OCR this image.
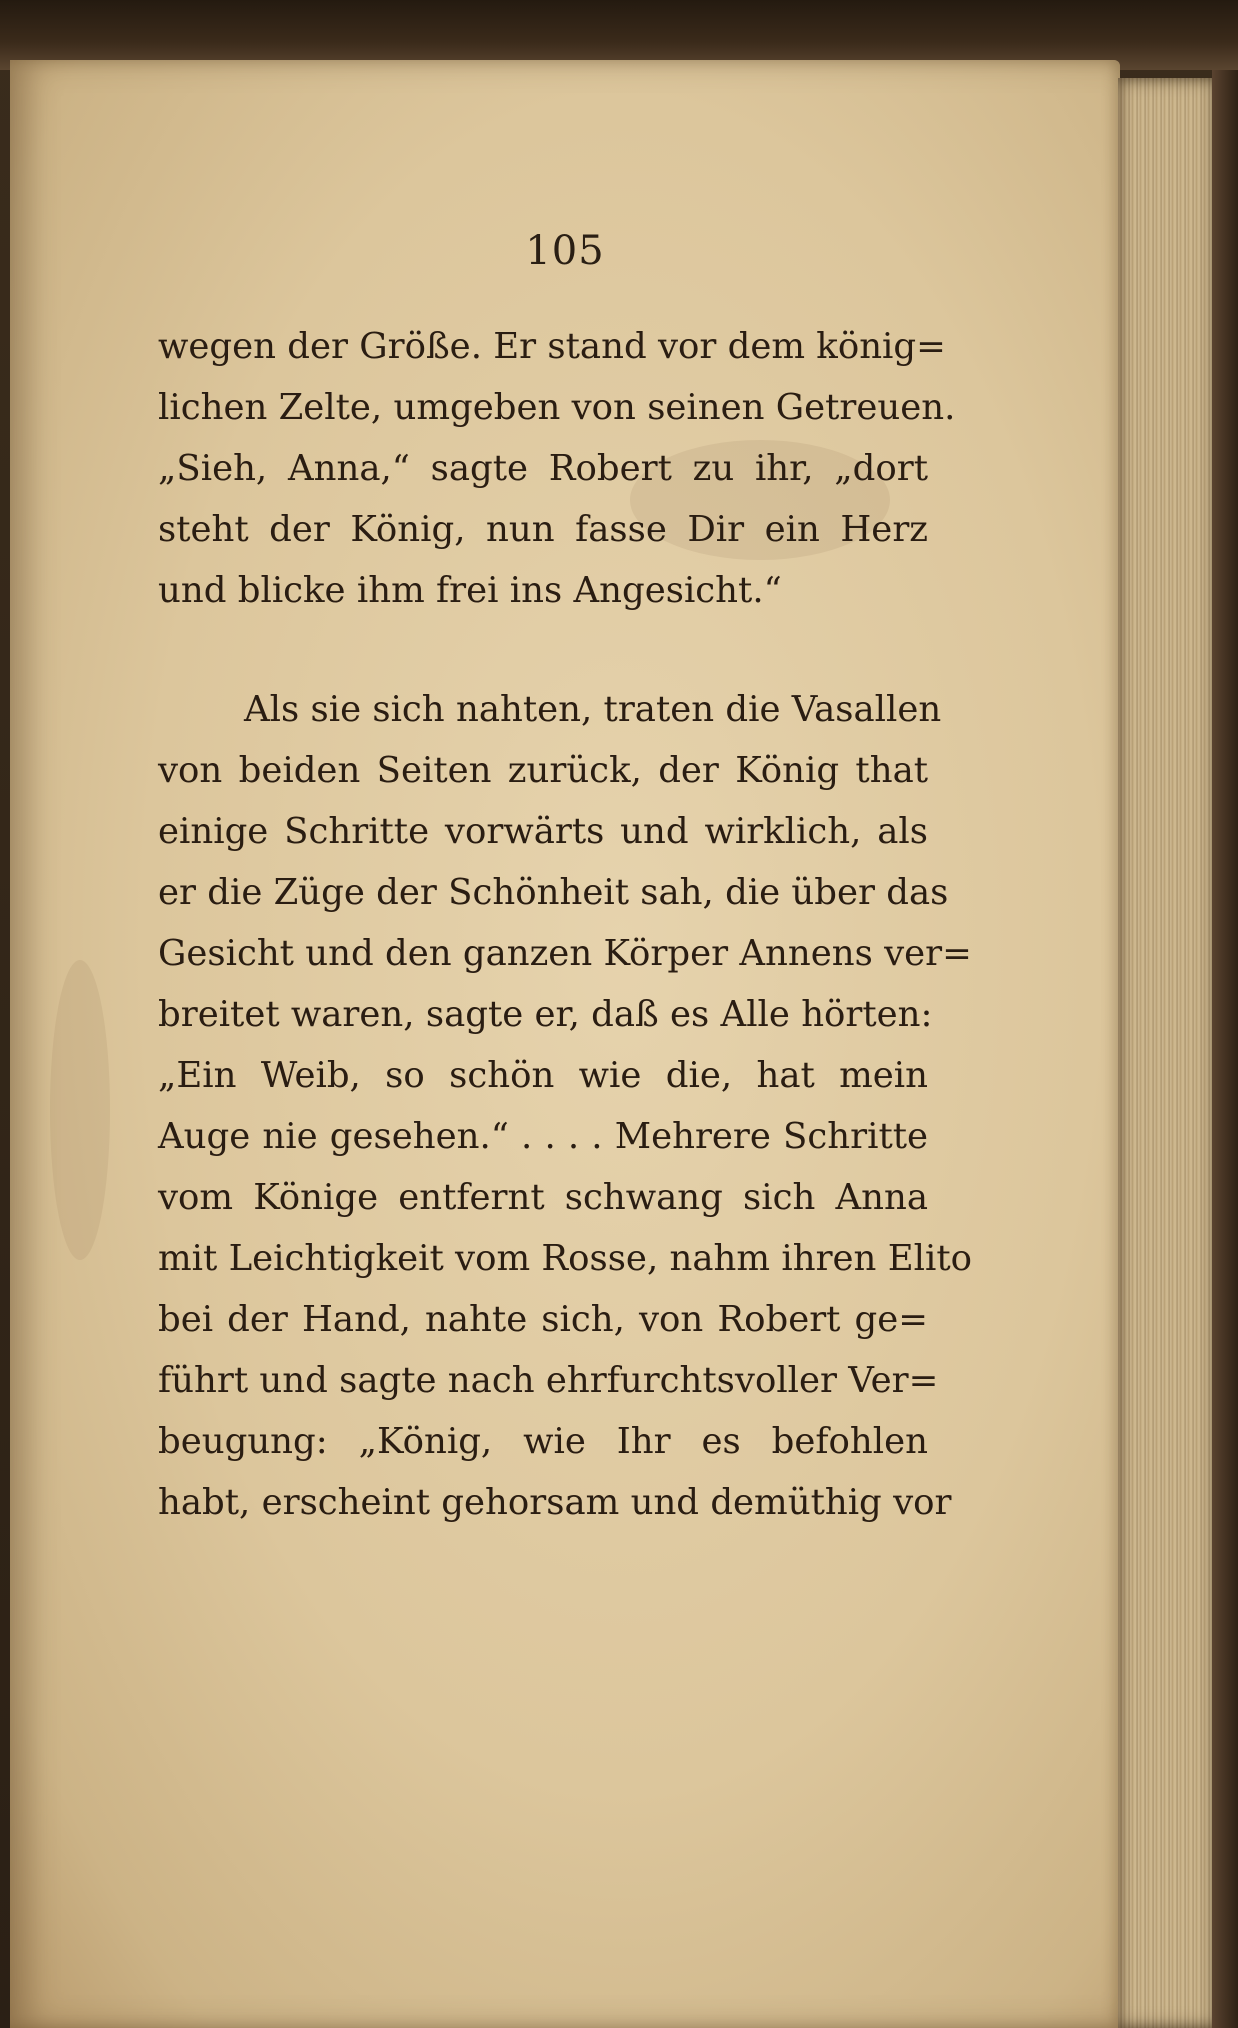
105
wegen der Größe. Er stand vor dem könig=
lichen Zelte, umgeben von seinen Getreuen.
„Sieh, Anna,“ sagte Robert zu ihr, „dort
steht der König, nun fasse Dir ein Herz
und blicke ihm frei ins Angesicht.“
Als sie sich nahten, traten die Vasallen
von beiden Seiten zurück, der König that
einige Schritte vorwärts und wirklich, als
er die Züge der Schönheit sah, die über das
Gesicht und den ganzen Körper Annens ver=
breitet waren, sagte er, daß es Alle hörten:
„Ein Weib, so schön wie die, hat mein
Auge nie gesehen.“ . . . . Mehrere Schritte
vom Könige entfernt schwang sich Anna
mit Leichtigkeit vom Rosse, nahm ihren Elito
bei der Hand, nahte sich, von Robert ge=
führt und sagte nach ehrfurchtsvoller Ver=
beugung: „König, wie Ihr es befohlen
habt, erscheint gehorsam und demüthig vor
